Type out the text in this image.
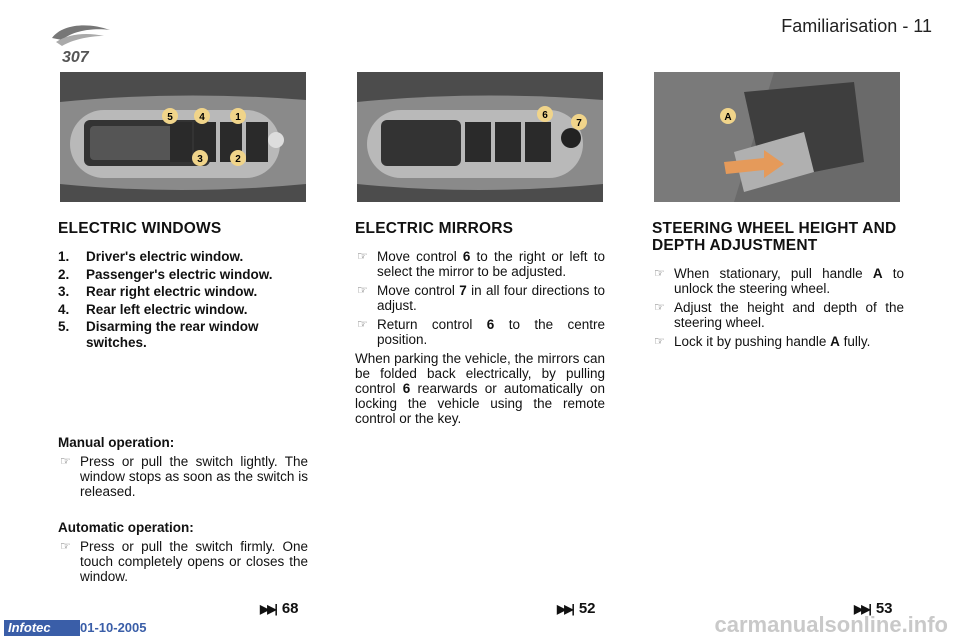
307
Familiarisation - 11
5	4	1
3	2
6
7
A
ELECTRIC WINDOWS
1. Driver's electric window.
2. Passenger's electric window.
3. Rear right electric window.
4. Rear left electric window.
5. Disarming the rear window switches.
Manual operation:
☞ Press or pull the switch lightly. The window stops as soon as the switch is released.
Automatic operation:
☞ Press or pull the switch firmly. One touch completely opens or closes the window.
ELECTRIC MIRRORS
☞ Move control 6 to the right or left to select the mirror to be adjusted.
☞ Move control 7 in all four directions to adjust.
☞ Return control 6 to the centre position.
When parking the vehicle, the mirrors can be folded back electrically, by pulling control 6 rearwards or automatically on locking the vehicle using the remote control or the key.
STEERING WHEEL HEIGHT AND DEPTH ADJUSTMENT
☞ When stationary, pull handle A to unlock the steering wheel.
☞ Adjust the height and depth of the steering wheel.
☞ Lock it by pushing handle A fully.
▶▶| 68	▶▶| 52	▶▶| 53
Infotec	01-10-2005	carmanualsonline.info
